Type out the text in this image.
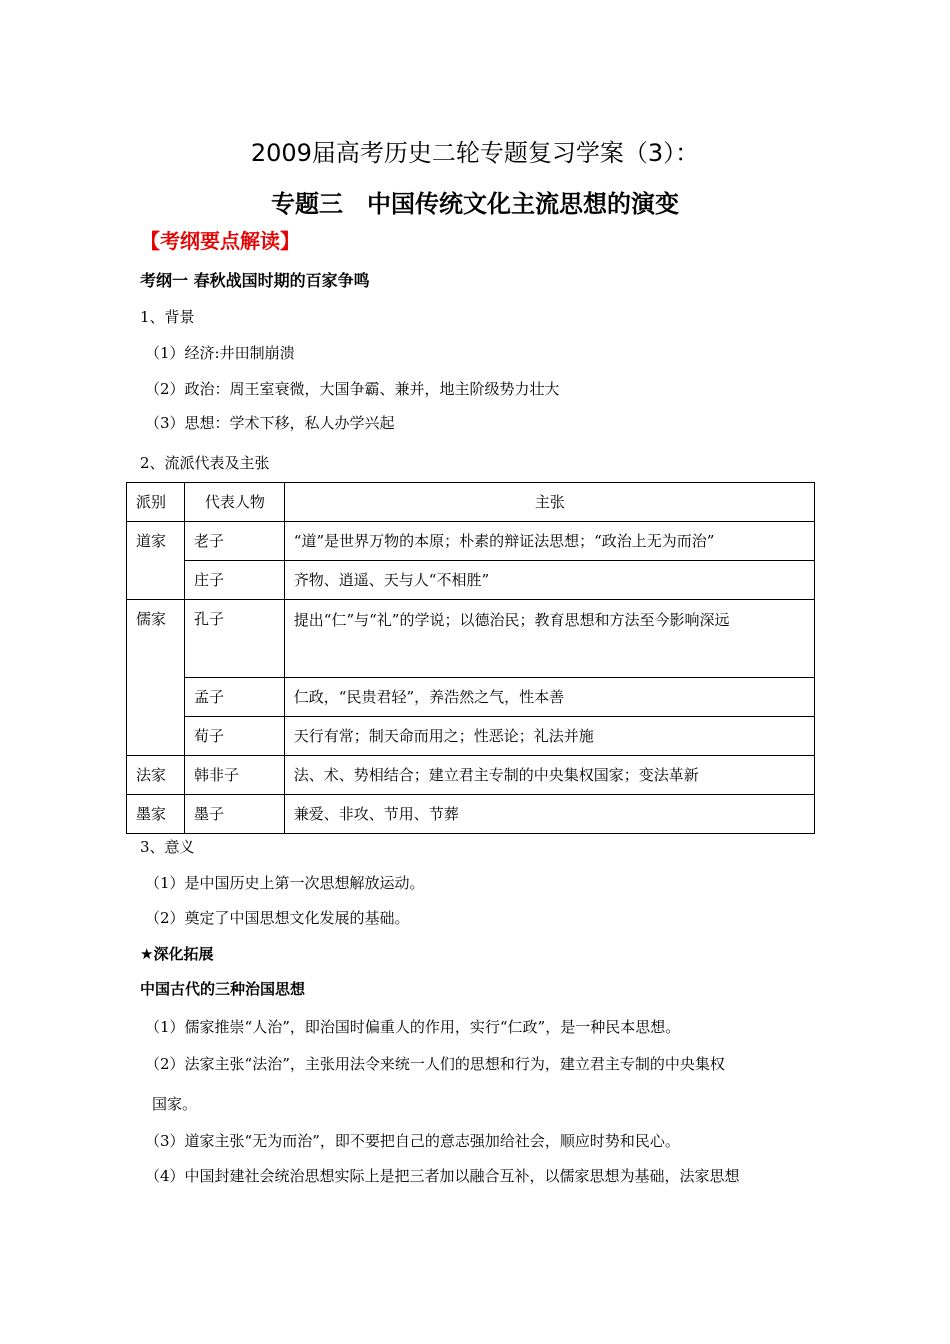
2009届高考历史二轮专题复习学案（3）：
专题三　中国传统文化主流思想的演变
【考纲要点解读】
考纲一 春秋战国时期的百家争鸣
1、背景
（1）经济:井田制崩溃
（2）政治：周王室衰微，大国争霸、兼并，地主阶级势力壮大
（3）思想：学术下移，私人办学兴起
2、流派代表及主张
派别	代表人物	主张
道家	老子	“道”是世界万物的本原；朴素的辩证法思想；“政治上无为而治”
	庄子	齐物、逍遥、天与人“不相胜”
儒家	孔子	提出“仁”与“礼”的学说；以德治民；教育思想和方法至今影响深远
	孟子	仁政，“民贵君轻”，养浩然之气，性本善
	荀子	天行有常；制天命而用之；性恶论；礼法并施
法家	韩非子	法、术、势相结合；建立君主专制的中央集权国家；变法革新
墨家	墨子	兼爱、非攻、节用、节葬
3、意义
（1）是中国历史上第一次思想解放运动。
（2）奠定了中国思想文化发展的基础。
★深化拓展
中国古代的三种治国思想
（1）儒家推崇“人治”，即治国时偏重人的作用，实行“仁政”，是一种民本思想。
（2）法家主张“法治”，主张用法令来统一人们的思想和行为，建立君主专制的中央集权
国家。
（3）道家主张“无为而治”，即不要把自己的意志强加给社会，顺应时势和民心。
（4）中国封建社会统治思想实际上是把三者加以融合互补，以儒家思想为基础，法家思想
